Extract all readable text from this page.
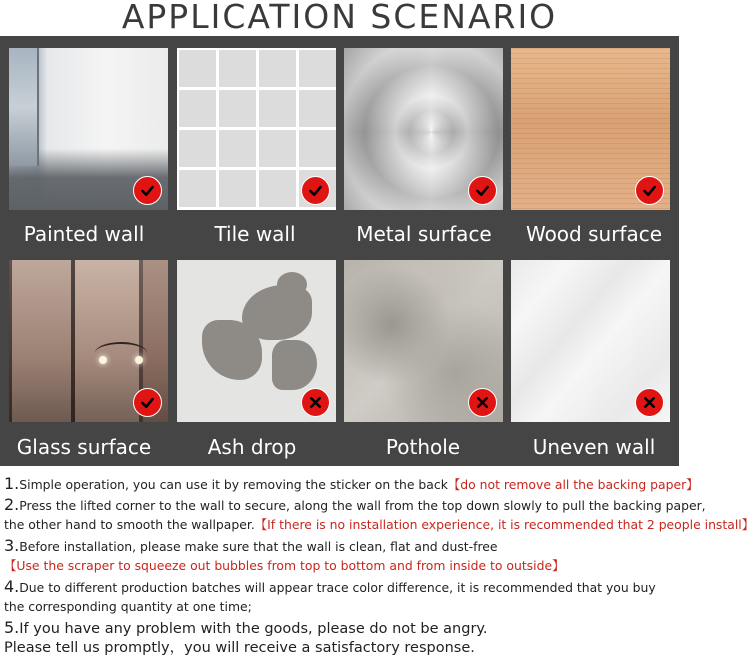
APPLICATION SCENARIO
Painted wall	Tile wall	Metal surface	Wood surface
Glass surface	Ash drop	Pothole	Uneven wall
1.Simple operation, you can use it by removing the sticker on the back【do not remove all the backing paper】
2.Press the lifted corner to the wall to secure, along the wall from the top down slowly to pull the backing paper,
the other hand to smooth the wallpaper.【If there is no installation experience, it is recommended that 2 people install】
3.Before installation, please make sure that the wall is clean, flat and dust-free
【Use the scraper to squeeze out bubbles from top to bottom and from inside to outside】
4.Due to different production batches will appear trace color difference, it is recommended that you buy
the corresponding quantity at one time;
5.If you have any problem with the goods, please do not be angry.
Please tell us promptly，you will receive a satisfactory response.
